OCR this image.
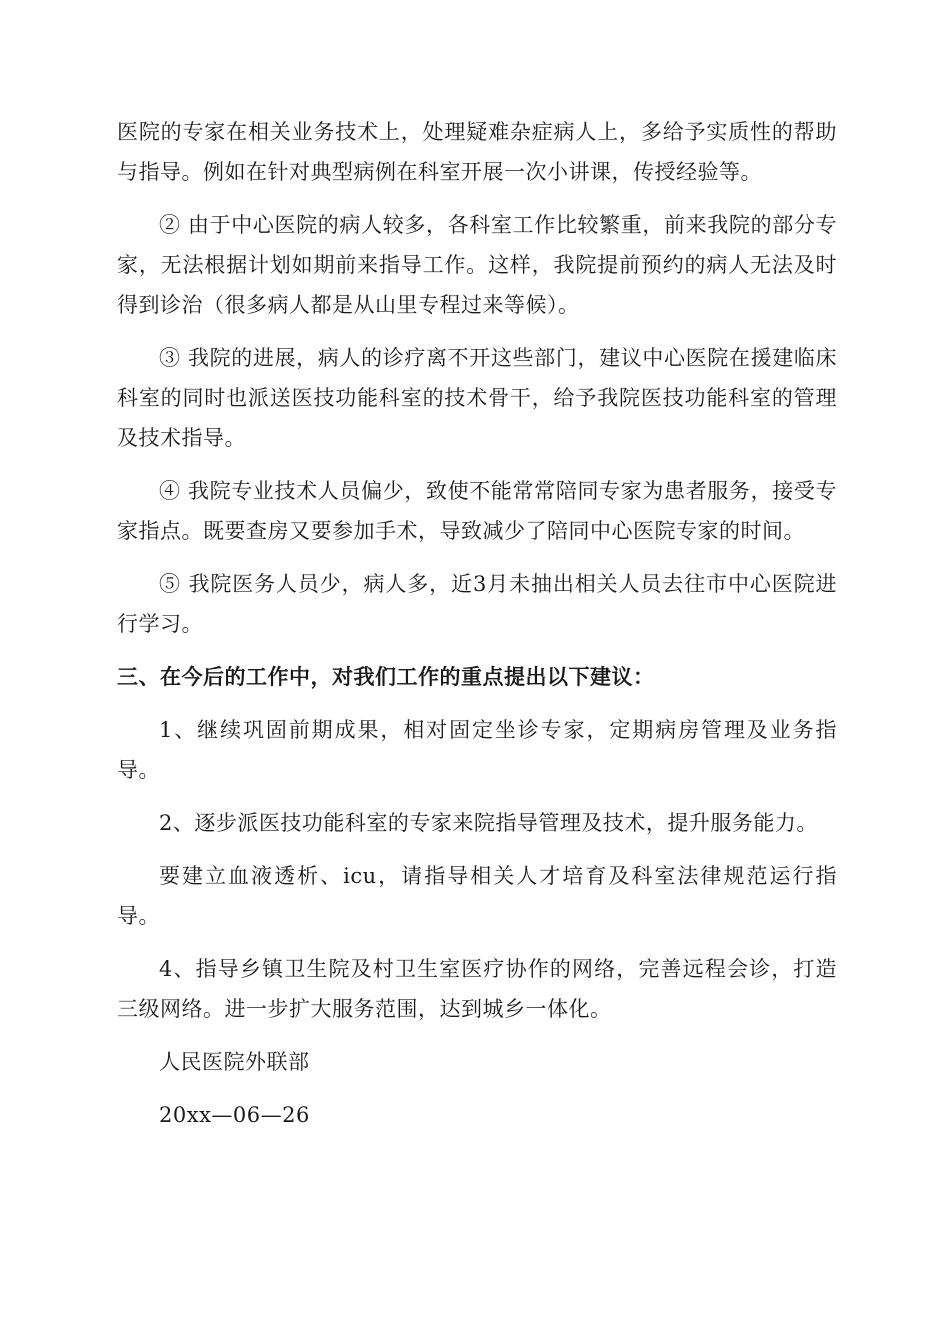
医院的专家在相关业务技术上，处理疑难杂症病人上，多给予实质性的帮助与指导。例如在针对典型病例在科室开展一次小讲课，传授经验等。

② 由于中心医院的病人较多，各科室工作比较繁重，前来我院的部分专家，无法根据计划如期前来指导工作。这样，我院提前预约的病人无法及时得到诊治（很多病人都是从山里专程过来等候）。

③ 我院的进展，病人的诊疗离不开这些部门，建议中心医院在援建临床科室的同时也派送医技功能科室的技术骨干，给予我院医技功能科室的管理及技术指导。

④ 我院专业技术人员偏少，致使不能常常陪同专家为患者服务，接受专家指点。既要查房又要参加手术，导致减少了陪同中心医院专家的时间。

⑤ 我院医务人员少，病人多，近3月未抽出相关人员去往市中心医院进行学习。

三、在今后的工作中，对我们工作的重点提出以下建议：

1、继续巩固前期成果，相对固定坐诊专家，定期病房管理及业务指导。

2、逐步派医技功能科室的专家来院指导管理及技术，提升服务能力。

要建立血液透析、icu，请指导相关人才培育及科室法律规范运行指导。

4、指导乡镇卫生院及村卫生室医疗协作的网络，完善远程会诊，打造三级网络。进一步扩大服务范围，达到城乡一体化。

人民医院外联部

20xx—06—26
